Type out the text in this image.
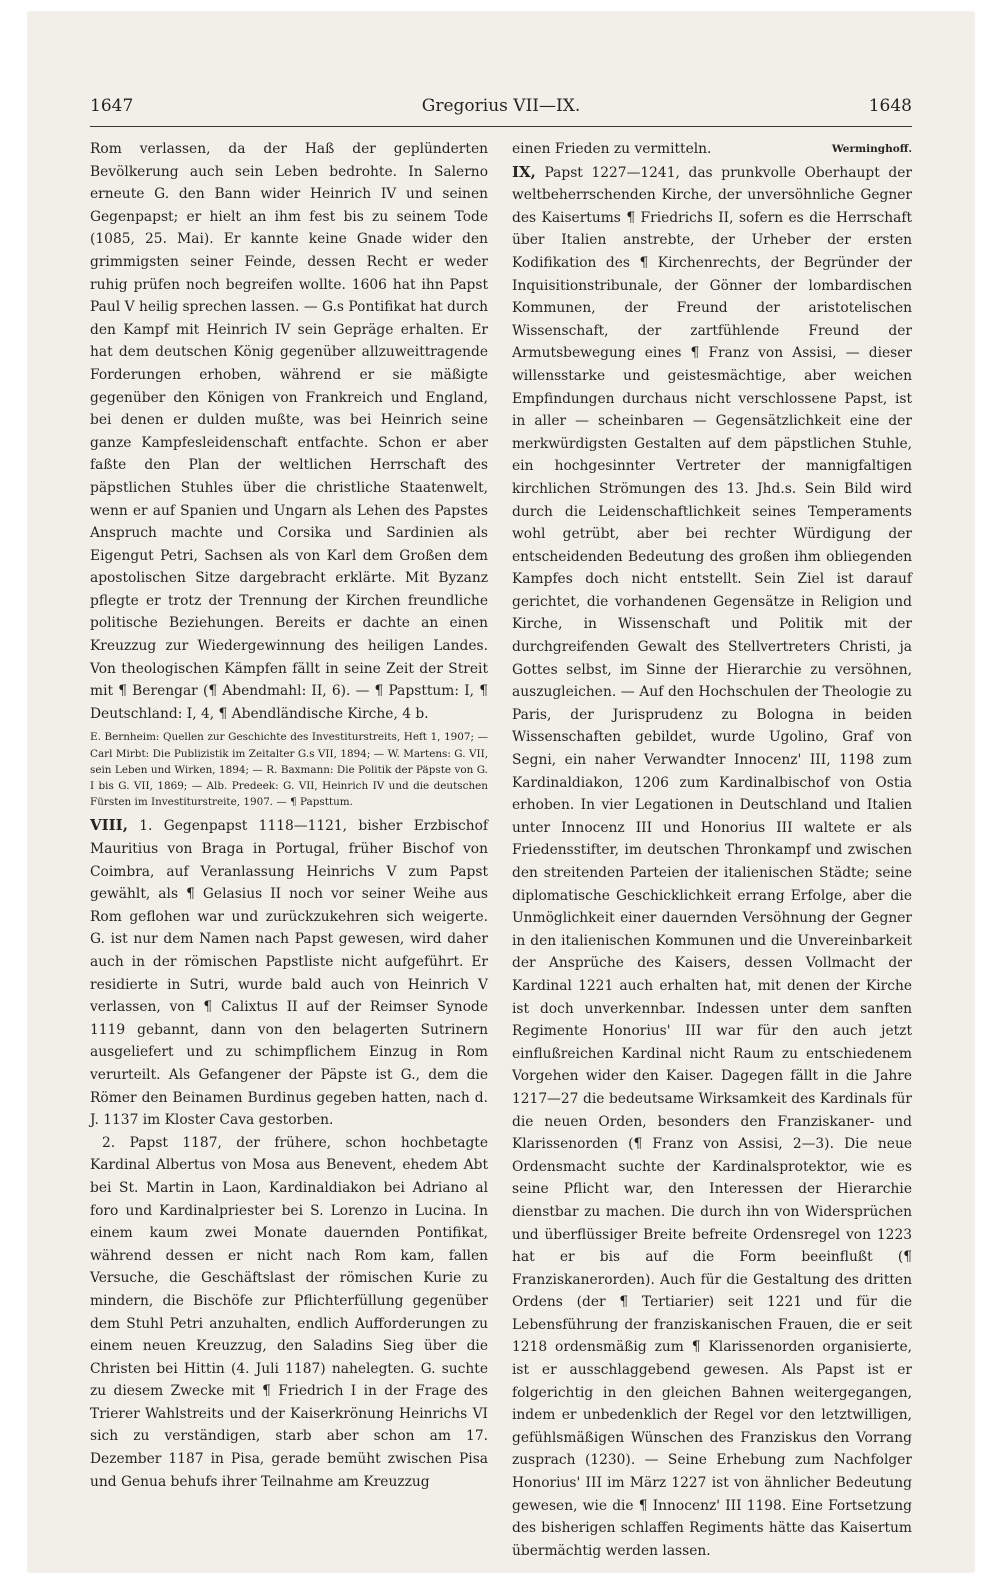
1647	Gregorius VII—IX.	1648

Rom verlassen, da der Haß der geplünderten Bevölkerung auch sein Leben bedrohte. In Salerno erneute G. den Bann wider Heinrich IV und seinen Gegenpapst; er hielt an ihm fest bis zu seinem Tode (1085, 25. Mai). Er kannte keine Gnade wider den grimmigsten seiner Feinde, dessen Recht er weder ruhig prüfen noch begreifen wollte. 1606 hat ihn Papst Paul V heilig sprechen lassen. — G.s Pontifikat hat durch den Kampf mit Heinrich IV sein Gepräge erhalten. Er hat dem deutschen König gegenüber allzuweittragende Forderungen erhoben, während er sie mäßigte gegenüber den Königen von Frankreich und England, bei denen er dulden mußte, was bei Heinrich seine ganze Kampfesleidenschaft entfachte. Schon er aber faßte den Plan der weltlichen Herrschaft des päpstlichen Stuhles über die christliche Staatenwelt, wenn er auf Spanien und Ungarn als Lehen des Papstes Anspruch machte und Corsika und Sardinien als Eigengut Petri, Sachsen als von Karl dem Großen dem apostolischen Sitze dargebracht erklärte. Mit Byzanz pflegte er trotz der Trennung der Kirchen freundliche politische Beziehungen. Bereits er dachte an einen Kreuzzug zur Wiedergewinnung des heiligen Landes. Von theologischen Kämpfen fällt in seine Zeit der Streit mit ¶ Berengar (¶ Abendmahl: II, 6). — ¶ Papsttum: I, ¶ Deutschland: I, 4, ¶ Abendländische Kirche, 4 b.

E. Bernheim: Quellen zur Geschichte des Investiturstreits, Heft 1, 1907; — Carl Mirbt: Die Publizistik im Zeitalter G.s VII, 1894; — W. Martens: G. VII, sein Leben und Wirken, 1894; — R. Baxmann: Die Politik der Päpste von G. I bis G. VII, 1869; — Alb. Predeek: G. VII, Heinrich IV und die deutschen Fürsten im Investiturstreite, 1907. — ¶ Papsttum.

VIII, 1. Gegenpapst 1118—1121, bisher Erzbischof Mauritius von Braga in Portugal, früher Bischof von Coimbra, auf Veranlassung Heinrichs V zum Papst gewählt, als ¶ Gelasius II noch vor seiner Weihe aus Rom geflohen war und zurückzukehren sich weigerte. G. ist nur dem Namen nach Papst gewesen, wird daher auch in der römischen Papstliste nicht aufgeführt. Er residierte in Sutri, wurde bald auch von Heinrich V verlassen, von ¶ Calixtus II auf der Reimser Synode 1119 gebannt, dann von den belagerten Sutrinern ausgeliefert und zu schimpflichem Einzug in Rom verurteilt. Als Gefangener der Päpste ist G., dem die Römer den Beinamen Burdinus gegeben hatten, nach d. J. 1137 im Kloster Cava gestorben.

2. Papst 1187, der frühere, schon hochbetagte Kardinal Albertus von Mosa aus Benevent, ehedem Abt bei St. Martin in Laon, Kardinaldiakon bei Adriano al foro und Kardinalpriester bei S. Lorenzo in Lucina. In einem kaum zwei Monate dauernden Pontifikat, während dessen er nicht nach Rom kam, fallen Versuche, die Geschäftslast der römischen Kurie zu mindern, die Bischöfe zur Pflichterfüllung gegenüber dem Stuhl Petri anzuhalten, endlich Aufforderungen zu einem neuen Kreuzzug, den Saladins Sieg über die Christen bei Hittin (4. Juli 1187) nahelegten. G. suchte zu diesem Zwecke mit ¶ Friedrich I in der Frage des Trierer Wahlstreits und der Kaiserkrönung Heinrichs VI sich zu verständigen, starb aber schon am 17. Dezember 1187 in Pisa, gerade bemüht zwischen Pisa und Genua behufs ihrer Teilnahme am Kreuzzug

Werminghoff.
einen Frieden zu vermitteln.

IX, Papst 1227—1241, das prunkvolle Oberhaupt der weltbeherrschenden Kirche, der unversöhnliche Gegner des Kaisertums ¶ Friedrichs II, sofern es die Herrschaft über Italien anstrebte, der Urheber der ersten Kodifikation des ¶ Kirchenrechts, der Begründer der Inquisitionstribunale, der Gönner der lombardischen Kommunen, der Freund der aristotelischen Wissenschaft, der zartfühlende Freund der Armutsbewegung eines ¶ Franz von Assisi, — dieser willensstarke und geistesmächtige, aber weichen Empfindungen durchaus nicht verschlossene Papst, ist in aller — scheinbaren — Gegensätzlichkeit eine der merkwürdigsten Gestalten auf dem päpstlichen Stuhle, ein hochgesinnter Vertreter der mannigfaltigen kirchlichen Strömungen des 13. Jhd.s. Sein Bild wird durch die Leidenschaftlichkeit seines Temperaments wohl getrübt, aber bei rechter Würdigung der entscheidenden Bedeutung des großen ihm obliegenden Kampfes doch nicht entstellt. Sein Ziel ist darauf gerichtet, die vorhandenen Gegensätze in Religion und Kirche, in Wissenschaft und Politik mit der durchgreifenden Gewalt des Stellvertreters Christi, ja Gottes selbst, im Sinne der Hierarchie zu versöhnen, auszugleichen. — Auf den Hochschulen der Theologie zu Paris, der Jurisprudenz zu Bologna in beiden Wissenschaften gebildet, wurde Ugolino, Graf von Segni, ein naher Verwandter Innocenz' III, 1198 zum Kardinaldiakon, 1206 zum Kardinalbischof von Ostia erhoben. In vier Legationen in Deutschland und Italien unter Innocenz III und Honorius III waltete er als Friedensstifter, im deutschen Thronkampf und zwischen den streitenden Parteien der italienischen Städte; seine diplomatische Geschicklichkeit errang Erfolge, aber die Unmöglichkeit einer dauernden Versöhnung der Gegner in den italienischen Kommunen und die Unvereinbarkeit der Ansprüche des Kaisers, dessen Vollmacht der Kardinal 1221 auch erhalten hat, mit denen der Kirche ist doch unverkennbar. Indessen unter dem sanften Regimente Honorius' III war für den auch jetzt einflußreichen Kardinal nicht Raum zu entschiedenem Vorgehen wider den Kaiser. Dagegen fällt in die Jahre 1217—27 die bedeutsame Wirksamkeit des Kardinals für die neuen Orden, besonders den Franziskaner- und Klarissenorden (¶ Franz von Assisi, 2—3). Die neue Ordensmacht suchte der Kardinalsprotektor, wie es seine Pflicht war, den Interessen der Hierarchie dienstbar zu machen. Die durch ihn von Widersprüchen und überflüssiger Breite befreite Ordensregel von 1223 hat er bis auf die Form beeinflußt (¶ Franziskanerorden). Auch für die Gestaltung des dritten Ordens (der ¶ Tertiarier) seit 1221 und für die Lebensführung der franziskanischen Frauen, die er seit 1218 ordensmäßig zum ¶ Klarissenorden organisierte, ist er ausschlaggebend gewesen. Als Papst ist er folgerichtig in den gleichen Bahnen weitergegangen, indem er unbedenklich der Regel vor den letztwilligen, gefühlsmäßigen Wünschen des Franziskus den Vorrang zusprach (1230). — Seine Erhebung zum Nachfolger Honorius' III im März 1227 ist von ähnlicher Bedeutung gewesen, wie die ¶ Innocenz' III 1198. Eine Fortsetzung des bisherigen schlaffen Regiments hätte das Kaisertum übermächtig werden lassen.
